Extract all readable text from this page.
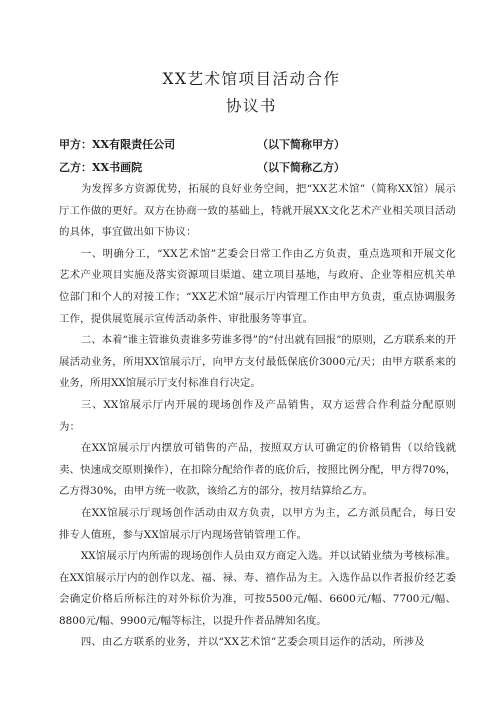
XX艺术馆项目活动合作
协议书
甲方：XX有限责任公司	（以下简称甲方）
乙方：XX书画院	（以下简称乙方）

为发挥多方资源优势，拓展的良好业务空间，把“XX艺术馆”（简称XX馆）展示厅工作做的更好。双方在协商一致的基础上，特就开展XX文化艺术产业相关项目活动的具体，事宜做出如下协议：

一、明确分工，“XX艺术馆”艺委会日常工作由乙方负责，重点选项和开展文化艺术产业项目实施及落实资源项目渠道、建立项目基地，与政府、企业等相应机关单位部门和个人的对接工作；“XX艺术馆”展示厅内管理工作由甲方负责，重点协调服务工作，提供展览展示宣传活动条件、审批服务等事宜。

二、本着“谁主管谁负责谁多劳谁多得”的“付出就有回报”的原则，乙方联系来的开展活动业务，所用XX馆展示厅，向甲方支付最低保底价3000元/天；由甲方联系来的业务，所用XX馆展示厅支付标准自行决定。

三、XX馆展示厅内开展的现场创作及产品销售，双方运营合作利益分配原则为：

在XX馆展示厅内摆放可销售的产品，按照双方认可确定的价格销售（以给钱就卖、快速成交原则操作），在扣除分配给作者的底价后，按照比例分配，甲方得70%，乙方得30%，由甲方统一收款，该给乙方的部分，按月结算给乙方。

在XX馆展示厅现场创作活动由双方负责，以甲方为主，乙方派员配合，每日安排专人值班，参与XX馆展示厅内现场营销管理工作。

XX馆展示厅内所需的现场创作人员由双方商定入选。并以试销业绩为考核标准。在XX馆展示厅内的创作以龙、福、禄、寿、禧作品为主。入选作品以作者报价经艺委会确定价格后所标注的对外标价为准，可按5500元/幅、6600元/幅、7700元/幅、8800元/幅、9900元/幅等标注，以提升作者品牌知名度。

四、由乙方联系的业务，并以“XX艺术馆”艺委会项目运作的活动，所涉及
